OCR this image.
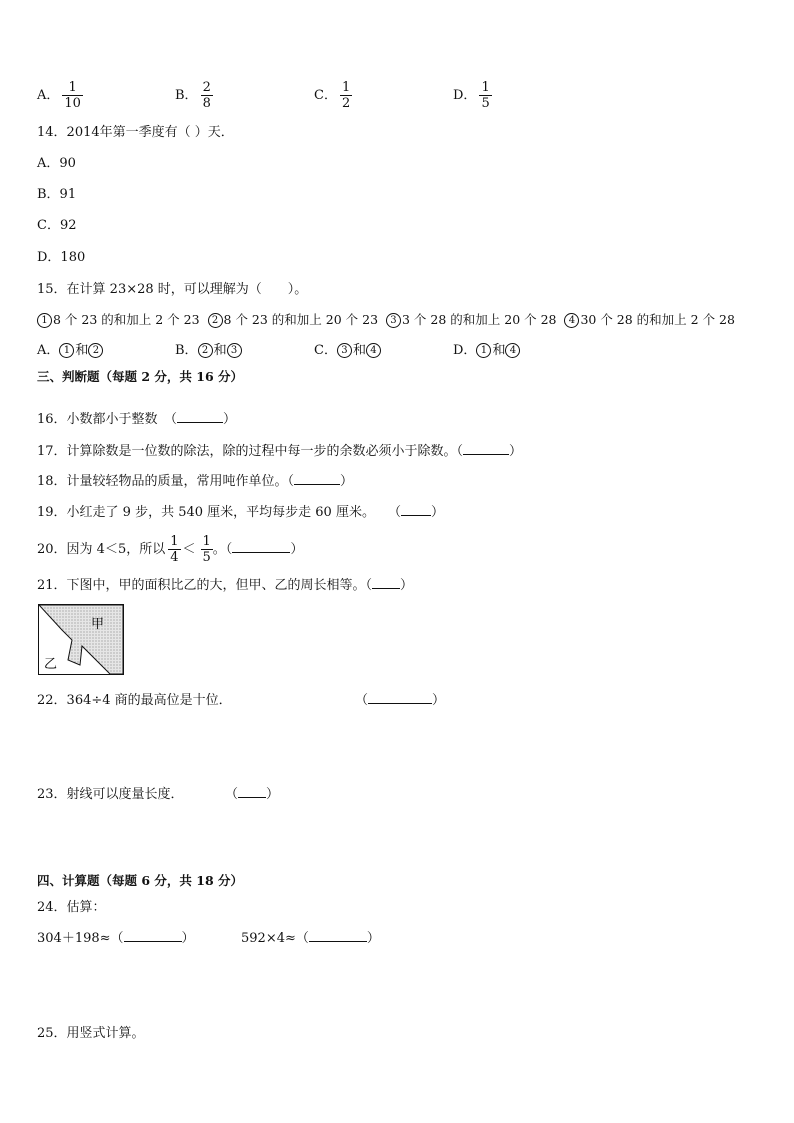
A． $\frac{1}{10}$	B． $\frac{2}{8}$	C． $\frac{1}{2}$	D． $\frac{1}{5}$
14．2014年第一季度有（ ）天．
A．90
B．91
C．92
D．180
15．在计算 23×28 时，可以理解为（　　）。
1 8 个 23 的和加上 2 个 23 2 8 个 23 的和加上 20 个 23 3 3 个 28 的和加上 20 个 28 4 30 个 28 的和加上 2 个 28
A． 1 和 2	B． 2 和 3	C． 3 和 4	D． 1 和 4
三、判断题（每题 2 分，共 16 分）
16．小数都小于整数　（	）
17．计算除数是一位数的除法，除的过程中每一步的余数必须小于除数。（	）
18．计量较轻物品的质量，常用吨作单位。（	）
19．小红走了 9 步，共 540 厘米，平均每步走 60 厘米。　　（ ）
20．因为 4＜5，所以 $\frac{1}{4} < \frac{1}{5}$ 。（	）
21．下图中，甲的面积比乙的大，但甲、乙的周长相等。（ ）
甲
乙
22．364÷4 商的最高位是十位．	（	）
23．射线可以度量长度．	（ ）
四、计算题（每题 6 分，共 18 分）
24．估算：
304＋198≈（	）	592×4≈（	）
25．用竖式计算。
